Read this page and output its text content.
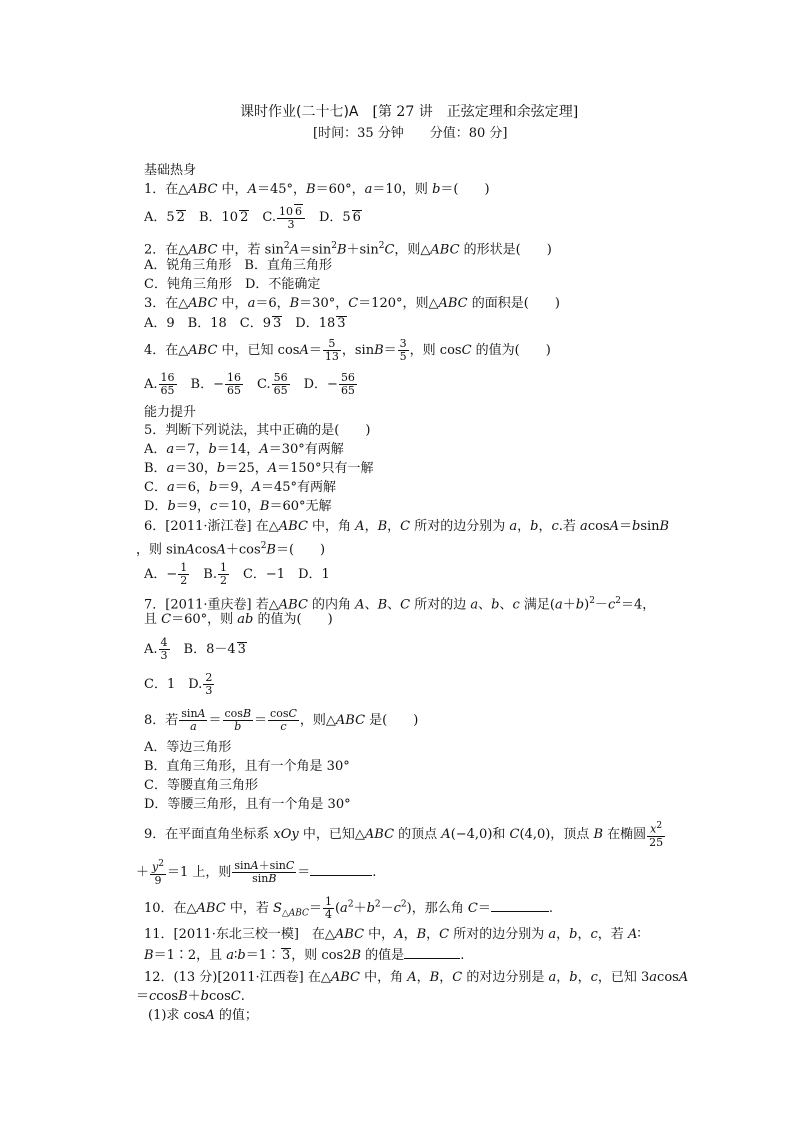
课时作业(二十七)A　[第 27 讲　正弦定理和余弦定理]
[时间：35 分钟　　分值：80 分]
基础热身
1．在△ABC 中，A＝45°，B＝60°，a＝10，则 b＝(　　)
A．5 2　B．10 2　C. $\frac{10 6}{3}$ 　D．5 6
2．在△ABC 中，若 $\sin^2A=\sin^2B+\sin^2C$，则△ABC 的形状是(　　)
A．锐角三角形　B．直角三角形
C．钝角三角形　D．不能确定
3．在△ABC 中，a＝6，B＝30°，C＝120°，则△ABC 的面积是(　　)
A．9　B．18　C．9 3　D．18 3
4．在△ABC 中，已知 $\cos A= \frac{5}{13}$ ，$\sin B= \frac{3}{5}$ ，则 cosC 的值为(　　)
A. $\frac{16}{65}$ 　B．− $\frac{16}{65}$ 　C. $\frac{56}{65}$ 　D．− $\frac{56}{65}$
能力提升
5．判断下列说法，其中正确的是(　　)
A．a＝7，b＝14，A＝30°有两解
B．a＝30，b＝25，A＝150°只有一解
C．a＝6，b＝9，A＝45°有两解
D．b＝9，c＝10，B＝60°无解
6．[2011·浙江卷] 在△ABC 中，角 A，B，C 所对的边分别为 a，b，c.若 acosA＝bsinB
，则 $sinAcosA+\cos^2B=$(　　)
A．− $\frac{1}{2}$ 　B. $\frac{1}{2}$ 　C．−1　D．1
7．[2011·重庆卷] 若△ABC 的内角 A、B、C 所对的边 a、b、c 满足$(a+b)^2-c^2=4$，
且 C＝60°，则 ab 的值为(　　)
A. $\frac{4}{3}$ 　B．8－4 3
C．1　D. $\frac{2}{3}$
8．若 $\frac{\sin A}{a} = \frac{\cos B}{b} = \frac{\cos C}{c}$ ，则△ABC 是(　　)
A．等边三角形
B．直角三角形，且有一个角是 30°
C．等腰直角三角形
D．等腰三角形，且有一个角是 30°
9．在平面直角坐标系 xOy 中，已知△ABC 的顶点 A(−4,0)和 C(4,0)，顶点 B 在椭圆 $\frac{x^2}{25}$
＋ $\frac{y^2}{9} =1$ 上，则 $\frac{\sin A+\sin C}{\sin B}$ ＝	.
10．在△ABC 中，若 $S_{\triangle ABC}= \frac{1}{4} (a^2+b^2-c^2)$，那么角 C＝	.
11．[2011·东北三校一模]　在△ABC 中，A，B，C 所对的边分别为 a，b，c，若 A∶
B＝1∶2，且 a∶b＝1∶ 3，则 cos2B 的值是	.
12．(13 分)[2011·江西卷] 在△ABC 中，角 A，B，C 的对边分别是 a，b，c，已知 3acosA
＝ccosB＋bcosC.
(1)求 cosA 的值；
